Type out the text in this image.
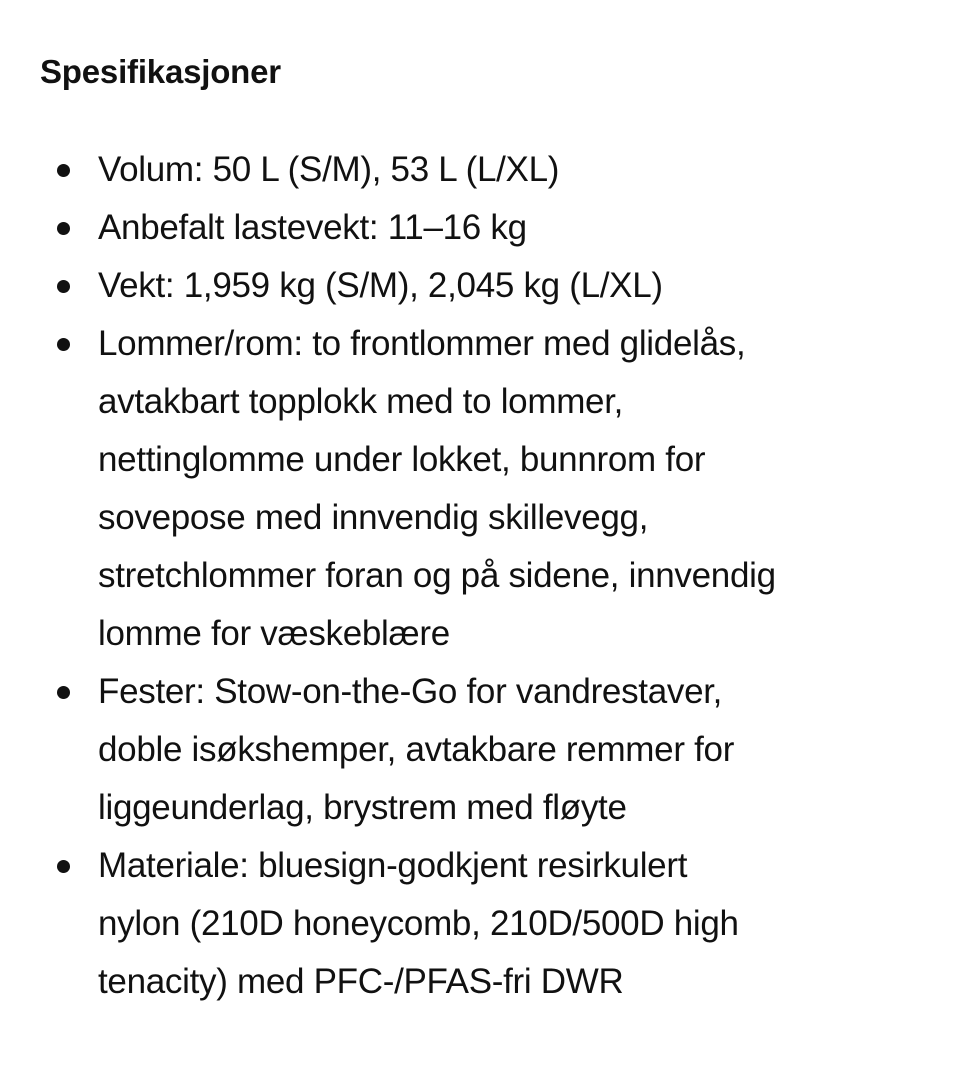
Spesifikasjoner
Volum: 50 L (S/M), 53 L (L/XL)
Anbefalt lastevekt: 11–16 kg
Vekt: 1,959 kg (S/M), 2,045 kg (L/XL)
Lommer/rom: to frontlommer med glidelås,
avtakbart topplokk med to lommer,
nettinglomme under lokket, bunnrom for
sovepose med innvendig skillevegg,
stretchlommer foran og på sidene, innvendig
lomme for væskeblære
Fester: Stow-on-the-Go for vandrestaver,
doble isøkshemper, avtakbare remmer for
liggeunderlag, brystrem med fløyte
Materiale: bluesign-godkjent resirkulert
nylon (210D honeycomb, 210D/500D high
tenacity) med PFC-/PFAS-fri DWR
